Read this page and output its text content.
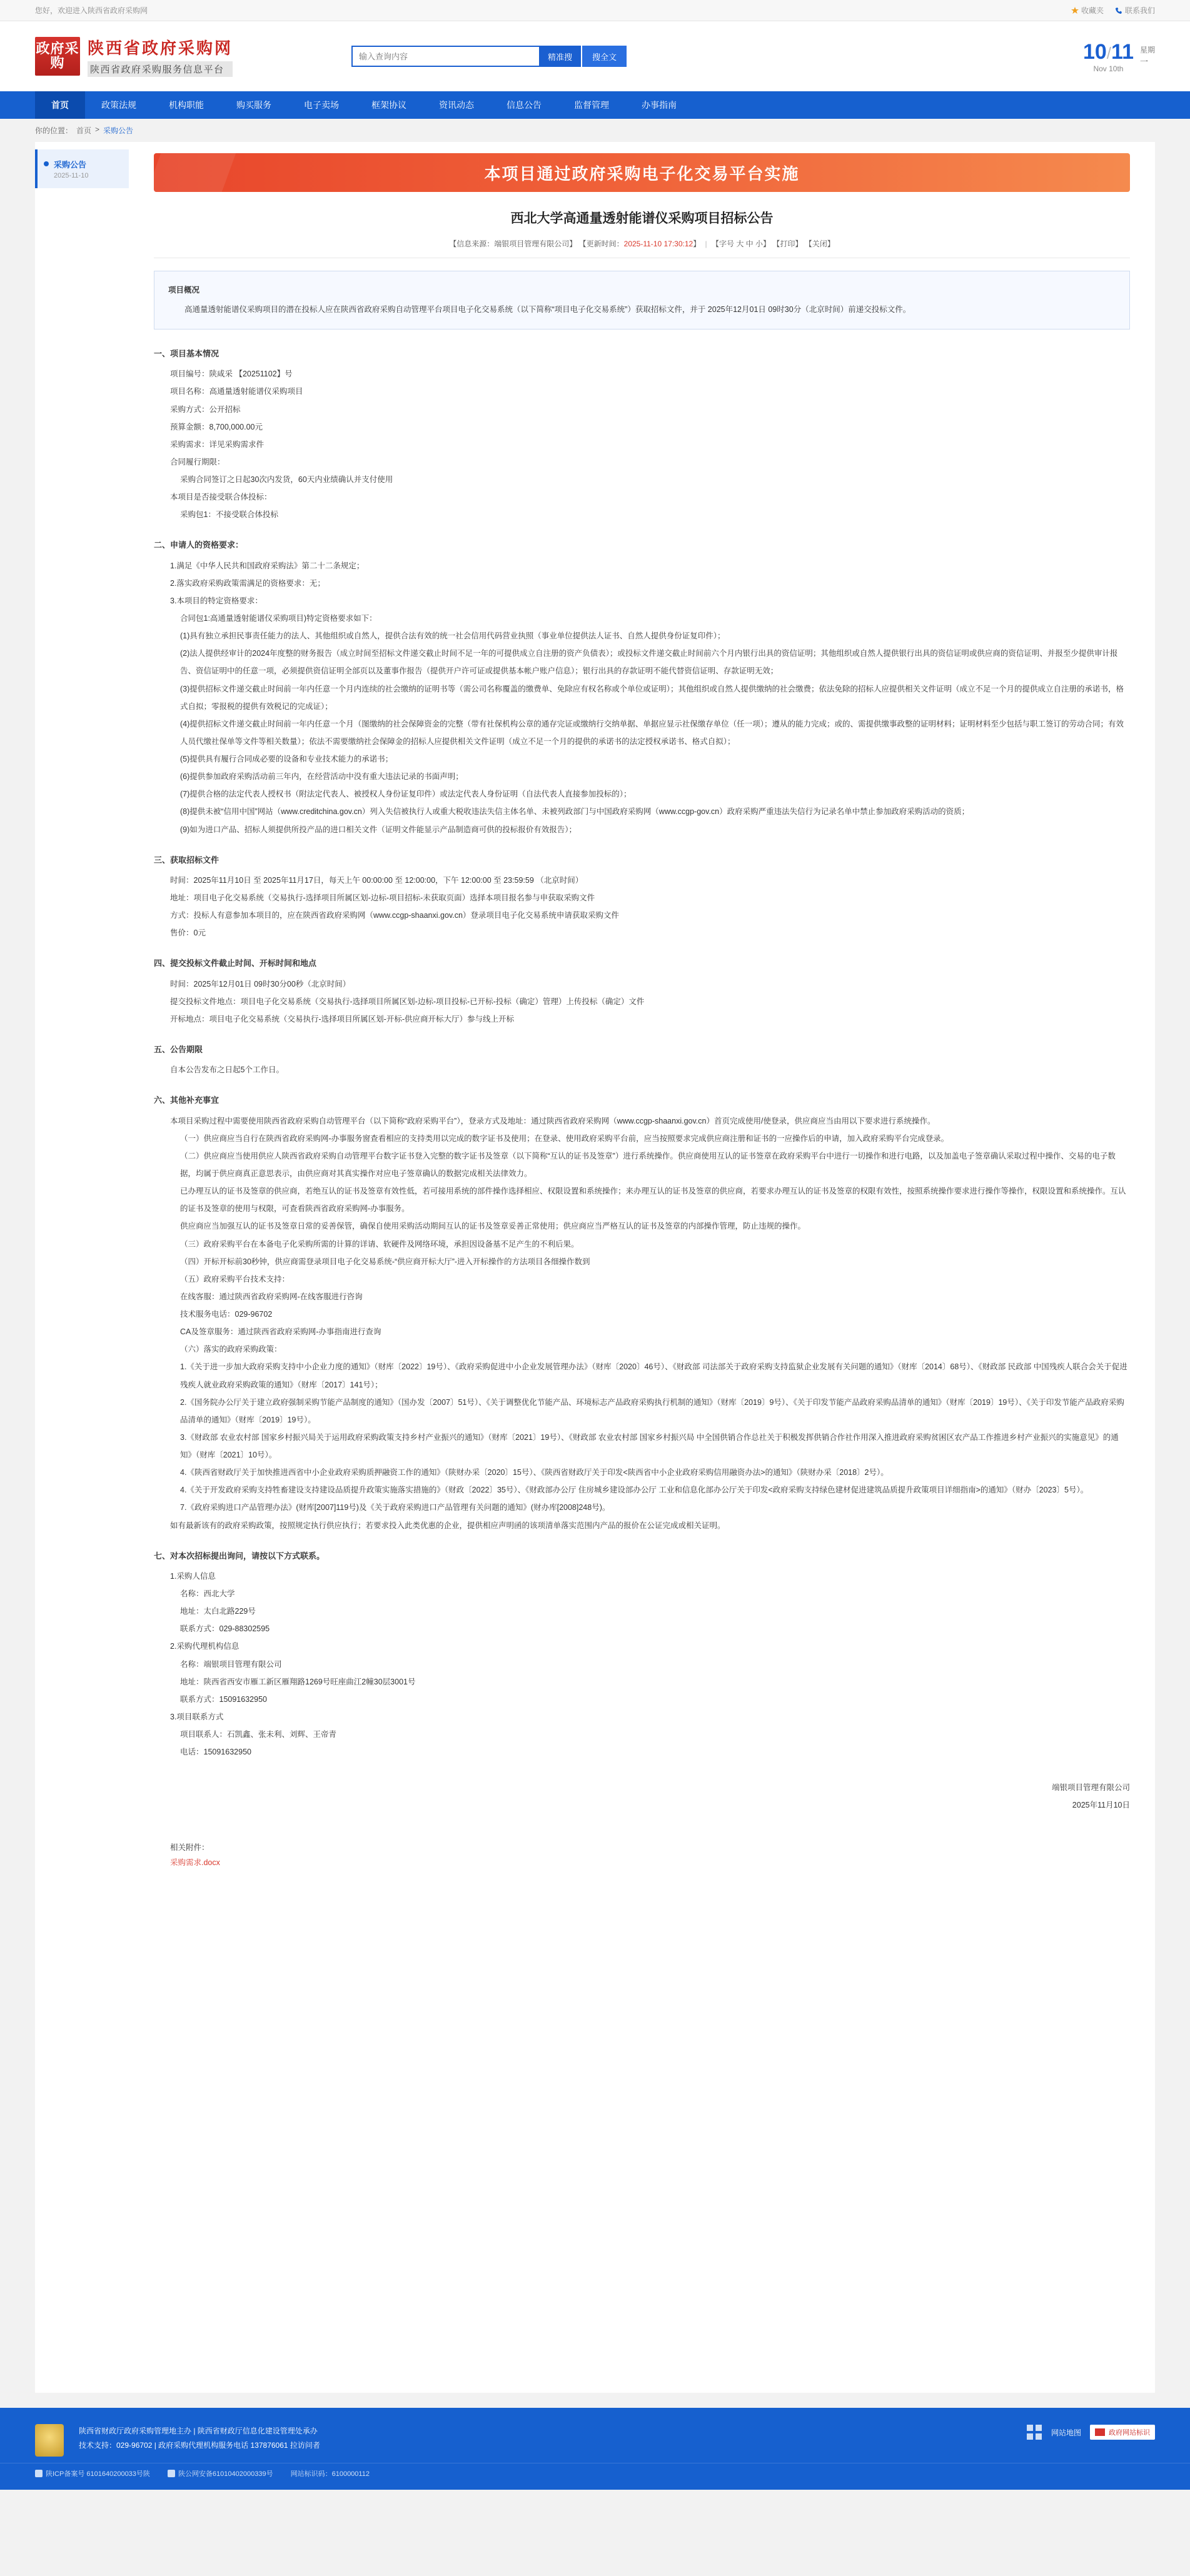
您好，欢迎进入陕西省政府采购网	收藏夹	联系我们
政府采购
陕西省政府采购网
陕西省政府采购服务信息平台
输入查询内容
精准搜	搜全文	10/11
Nov 10th
星期
一
首页	政策法规	机构职能	购买服务	电子卖场	框架协议	资讯动态	信息公告	监督管理	办事指南
你的位置： 首页 > 采购公告
采购公告
2025-11-10	本项目通过政府采购电子化交易平台实施
西北大学高通量透射能谱仪采购项目招标公告
【信息来源：端银项目管理有限公司】 【更新时间：2025-11-10 17:30:12】 | 【字号 大 中 小】 【打印】 【关闭】
项目概况
高通量透射能谱仪采购项目的潜在投标人应在陕西省政府采购自动管理平台项目电子化交易系统（以下简称“项目电子化交易系统”）获取招标文件，并于 2025年12月01日 09时30分（北京时间）前递交投标文件。
一、项目基本情况
项目编号：陕咸采 【20251102】号
项目名称：高通量透射能谱仪采购项目
采购方式：公开招标
预算金额：8,700,000.00元
采购需求：详见采购需求件
合同履行期限：
采购合同签订之日起30次内发货，60天内业绩确认并支付使用
本项目是否接受联合体投标：
采购包1：不接受联合体投标
二、申请人的资格要求：
1.满足《中华人民共和国政府采购法》第二十二条规定；
2.落实政府采购政策需满足的资格要求：无；
3.本项目的特定资格要求：
合同包1:高通量透射能谱仪采购项目)特定资格要求如下：
(1)具有独立承担民事责任能力的法人、其他组织或自然人，提供合法有效的统一社会信用代码营业执照（事业单位提供法人证书、自然人提供身份证复印件）；
(2)法人提供经审计的2024年度整的财务报告（成立时间至招标文件递交截止时间不足一年的可提供成立自注册的资产负债表）；或投标文件递交截止时间前六个月内银行出具的资信证明；其他组织或自然人提供银行出具的资信证明或供应商的资信证明、并报至少提供审计报告、资信证明中的任意一项，必须提供资信证明全部页以及董事作报告（提供开户许可证或提供基本帐户账户信息）；银行出具的存款证明不能代替资信证明、存款证明无效；
(3)提供招标文件递交截止时间前一年内任意一个月内连续的社会缴纳的证明书等（需公司名称覆盖的缴费单、免除应有权名称或个单位或证明）；其他组织或自然人提供缴纳的社会缴费；依法免除的招标人应提供相关文件证明（成立不足一个月的提供成立自注册的承诺书，格式自拟；零报税的提供有效税记的完成证）；
(4)提供招标文件递交截止时间前一年内任意一个月（图缴纳的社会保障资金的完整（带有社保机构公章的通存完证或缴纳行交纳单据、单据应显示社保缴存单位（任一项）；遵从的能力完成；或的、需提供缴事政整的证明材料；证明材料至少包括与职工签订的劳动合同；有效人员代缴社保单等文件等相关数量）；依法不需要缴纳社会保障金的招标人应提供相关文件证明（成立不足一个月的提供的承诺书的法定授权承诺书、格式自拟）；
(5)提供具有履行合同成必要的设备和专业技术能力的承诺书；
(6)提供参加政府采购活动前三年内，在经营活动中没有重大违法记录的书面声明；
(7)提供合格的法定代表人授权书（附法定代表人、被授权人身份证复印件）或法定代表人身份证明（自法代表人直接参加投标的）；
(8)提供未被“信用中国”网站（www.creditchina.gov.cn）列入失信被执行人或重大税收违法失信主体名单、未被列政部门与中国政府采购网（www.ccgp-gov.cn）政府采购严重违法失信行为记录名单中禁止参加政府采购活动的资质；
(9)如为进口产品、招标人须提供所投产品的进口相关文件（证明文件能显示产品制造商可供的投标报价有效报告）；
三、获取招标文件
时间：2025年11月10日 至 2025年11月17日，每天上午 00:00:00 至 12:00:00，下午 12:00:00 至 23:59:59 （北京时间）
地址：项目电子化交易系统（交易执行-选择项目所属区划-边标-项目招标-未获取页面）选择本项目报名参与申获取采购文件
方式：投标人有意参加本项目的，应在陕西省政府采购网（www.ccgp-shaanxi.gov.cn）登录项目电子化交易系统申请获取采购文件
售价：0元
四、提交投标文件截止时间、开标时间和地点
时间：2025年12月01日 09时30分00秒（北京时间）
提交投标文件地点：项目电子化交易系统（交易执行-选择项目所属区划-边标-项目投标-已开标-投标（确定）管理）上传投标（确定）文件
开标地点：项目电子化交易系统（交易执行-选择项目所属区划-开标-供应商开标大厅）参与线上开标
五、公告期限
自本公告发布之日起5个工作日。
六、其他补充事宜
本项目采购过程中需要使用陕西省政府采购自动管理平台（以下简称“政府采购平台”），登录方式及地址：通过陕西省政府采购网（www.ccgp-shaanxi.gov.cn）首页完成使用/使登录，供应商应当由用以下要求进行系统操作。
（一）供应商应当自行在陕西省政府采购网-办事服务窗查看相应的支持类用以完成的数字证书及使用；在登录、使用政府采购平台前，应当按照要求完成供应商注册和证书的一应操作后的申请，加入政府采购平台完成登录。
（二）供应商应当使用供应人陕西省政府采购自动管理平台数字证书登入完整的数字证书及签章（以下简称“互认的证书及签章”）进行系统操作。供应商使用互认的证书签章在政府采购平台中进行一切操作和进行电路，以及加盖电子签章确认采取过程中操作、交易的电子数据，均属于供应商真正意思表示，由供应商对其真实操作对应电子签章确认的数据完成相关法律效力。
已办理互认的证书及签章的供应商，若绝互认的证书及签章有效性低，若可接用系统的部件操作选择相应、权限设置和系统操作；来办理互认的证书及签章的供应商，若要求办理互认的证书及签章的权限有效性，按照系统操作要求进行操作等操作，权限设置和系统操作。互认的证书及签章的使用与权限，可查看陕西省政府采购网-办事服务。
供应商应当加强互认的证书及签章日常的妥善保管，确保自使用采购活动期间互认的证书及签章妥善正常使用；供应商应当严格互认的证书及签章的内部操作管理，防止违规的操作。
（三）政府采购平台在本备电子化采购所需的计算的详请、软硬件及网络环境，承担因设备基不足产生的不利后果。
（四）开标开标前30秒钟，供应商需登录项目电子化交易系统-“供应商开标大厅”-进入开标操作的方法项目各细操作数到
（五）政府采购平台技术支持：
在线客服：通过陕西省政府采购网-在线客服进行咨询
技术服务电话：029-96702
CA及签章服务：通过陕西省政府采购网-办事指南进行查询
（六）落实的政府采购政策：
1.《关于进一步加大政府采购支持中小企业力度的通知》（财库〔2022〕19号）、《政府采购促进中小企业发展管理办法》（财库〔2020〕46号）、《财政部 司法部关于政府采购支持监狱企业发展有关问题的通知》（财库〔2014〕68号）、《财政部 民政部 中国残疾人联合会关于促进残疾人就业政府采购政策的通知》（财库〔2017〕141号）；
2.《国务院办公厅关于建立政府强制采购节能产品制度的通知》（国办发〔2007〕51号）、《关于调整优化节能产品、环境标志产品政府采购执行机制的通知》（财库〔2019〕9号）、《关于印发节能产品政府采购品清单的通知》（财库〔2019〕19号）、《关于印发节能产品政府采购品清单的通知》（财库〔2019〕19号）。
3.《财政部 农业农村部 国家乡村振兴局关于运用政府采购政策支持乡村产业振兴的通知》（财库〔2021〕19号）、《财政部 农业农村部 国家乡村振兴局 中全国供销合作总社关于积极发挥供销合作社作用深入推进政府采购贫困区农产品工作推进乡村产业振兴的实施意见》的通知》（财库〔2021〕10号）。
4.《陕西省财政厅关于加快推进西省中小企业政府采购质押融资工作的通知》（陕财办采〔2020〕15号）、《陕西省财政厅关于印发<陕西省中小企业政府采购信用融资办法>的通知》（陕财办采〔2018〕2号）。
4.《关于开发政府采购支持牲畜建设支持建设品质提升政策实施落实措施的》（财政〔2022〕35号）、《财政部办公厅 住房城乡建设部办公厅 工业和信息化部办公厅关于印发<政府采购支持绿色建材促进建筑品质提升政策项目详细指南>的通知》（财办〔2023〕5号）。
7.《政府采购进口产品管理办法》(财库[2007]119号)及《关于政府采购进口产品管理有关问题的通知》(财办库[2008]248号)。
如有最新该有的政府采购政策，按照规定执行供应执行；若要求投入此类优惠的企业，提供相应声明函的该项清单落实范围内产品的报价在公证完成或相关证明。
七、对本次招标提出询问，请按以下方式联系。
1.采购人信息
名称：西北大学
地址：太白北路229号
联系方式：029-88302595
2.采购代理机构信息
名称：端银项目管理有限公司
地址：陕西省西安市雁工新区雁翔路1269号旺座曲江2幢30层3001号
联系方式：15091632950
3.项目联系方式
项目联系人：石凯鑫、张未利、刘辉、王帝青
电话：15091632950
端银项目管理有限公司
2025年11月10日
相关附件：
采购需求.docx
陕西省财政厅政府采购管理地主办 | 陕西省财政厅信息化建设管理处承办
技术支持：029-96702 | 政府采购代理机构服务电话 137876061 拉访问者
网站地图	政府网站标识
陕ICP备案号 6101640200033号陕	陕公网安备61010402000339号	网站标识码：6100000112
